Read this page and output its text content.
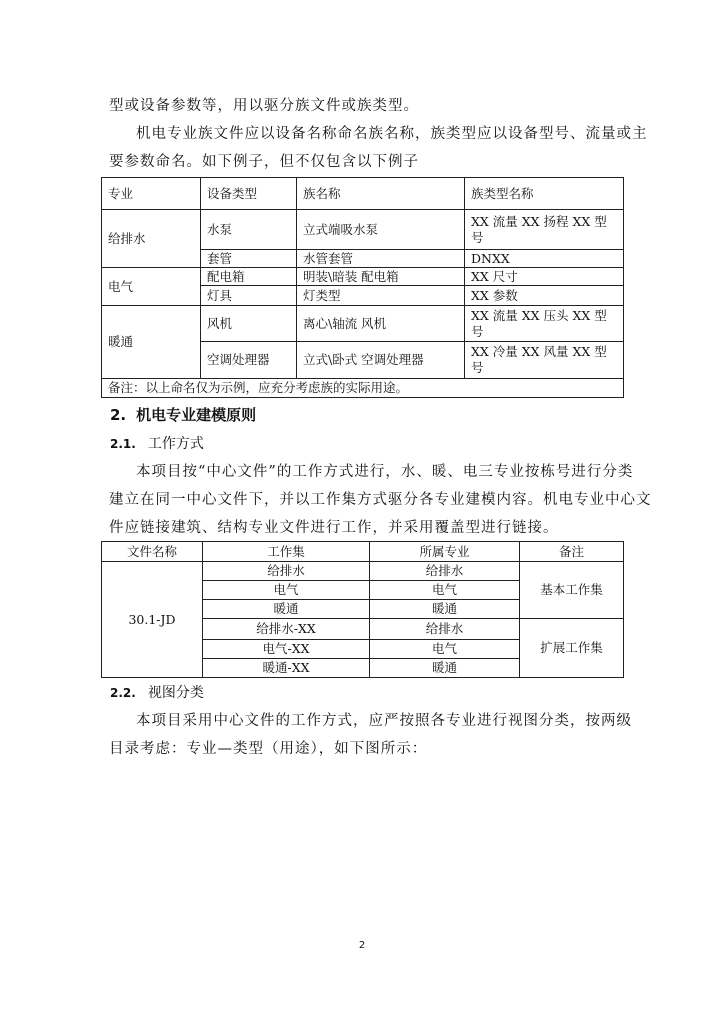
型或设备参数等，用以驱分族文件或族类型。
机电专业族文件应以设备名称命名族名称，族类型应以设备型号、流量或主
要参数命名。如下例子，但不仅包含以下例子
专业	设备类型	族名称	族类型名称
给排水	水泵	立式端吸水泵	XX 流量 XX 扬程 XX 型号
	套管	水管套管	DNXX
电气	配电箱	明装\暗装 配电箱	XX 尺寸
	灯具	灯类型	XX 参数
暖通	风机	离心\轴流 风机	XX 流量 XX 压头 XX 型号
	空调处理器	立式\卧式 空调处理器	XX 冷量 XX 风量 XX 型号
备注：以上命名仅为示例，应充分考虑族的实际用途。			
2. 机电专业建模原则
2.1. 工作方式
本项目按“中心文件”的工作方式进行，水、暖、电三专业按栋号进行分类
建立在同一中心文件下，并以工作集方式驱分各专业建模内容。机电专业中心文
件应链接建筑、结构专业文件进行工作，并采用覆盖型进行链接。
文件名称	工作集	所属专业	备注
30.1-JD	给排水	给排水	基本工作集
	电气	电气	
	暖通	暖通	
	给排水-XX	给排水	扩展工作集
	电气-XX	电气	
	暖通-XX	暖通	
2.2. 视图分类
本项目采用中心文件的工作方式，应严按照各专业进行视图分类，按两级
目录考虑：专业—类型（用途），如下图所示：
2
